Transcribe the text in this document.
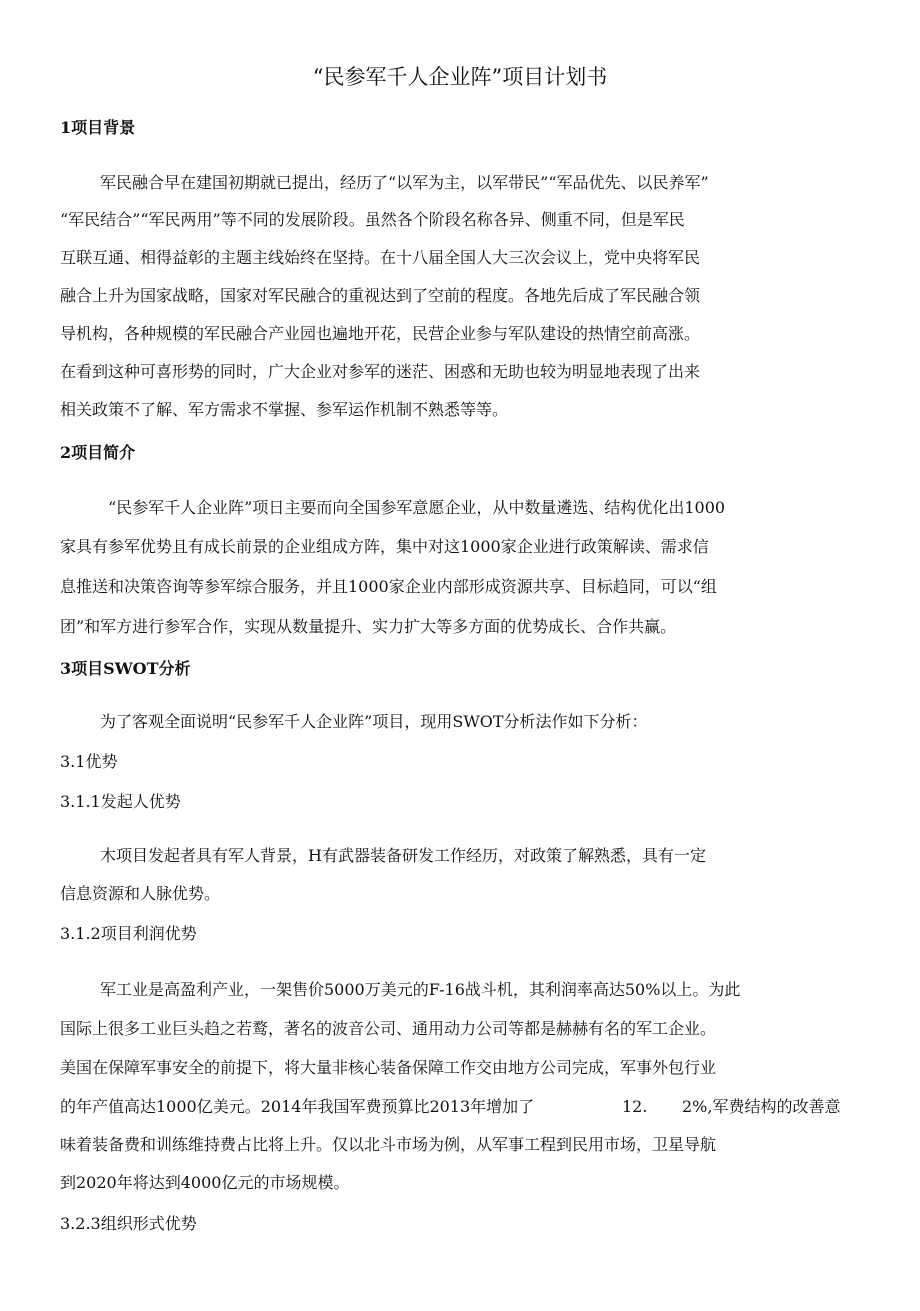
“民参军千人企业阵”项目计划书
1项目背景
军民融合早在建国初期就已提出，经历了“以军为主，以军带民”“军品优先、以民养军”
“军民结合”“军民两用”等不同的发展阶段。虽然各个阶段名称各异、侧重不同，但是军民
互联互通、相得益彰的主题主线始终在坚持。在十八届全国人大三次会议上，党中央将军民
融合上升为国家战略，国家对军民融合的重视达到了空前的程度。各地先后成了军民融合领
导机构，各种规模的军民融合产业园也遍地开花，民营企业参与军队建设的热情空前高涨。
在看到这种可喜形势的同时，广大企业对参军的迷茫、困惑和无助也较为明显地表现了出来
相关政策不了解、军方需求不掌握、参军运作机制不熟悉等等。
2项目简介
“民参军千人企业阵”项日主要而向全国参军意愿企业，从中数量遴选、结构优化出1000
家具有参军优势且有成长前景的企业组成方阵，集中对这1000家企业进行政策解读、需求信
息推送和决策咨询等参军综合服务，并且1000家企业内部形成资源共享、目标趋同，可以“组
团”和军方进行参军合作，实现从数量提升、实力扩大等多方面的优势成长、合作共赢。
3项目SWOT分析
为了客观全面说明“民参军千人企业阵”项目，现用SWOT分析法作如下分析：
3.1优势
3.1.1发起人优势
木项目发起者具有军人背景，H有武器装备研发工作经历，对政策了解熟悉，具有一定
信息资源和人脉优势。
3.1.2项目利润优势
军工业是高盈利产业，一架售价5000万美元的F-16战斗机，其利润率高达50%以上。为此
国际上很多工业巨头趋之若鹜，著名的波音公司、通用动力公司等都是赫赫有名的军工企业。
美国在保障军事安全的前提下，将大量非核心装备保障工作交由地方公司完成，军事外包行业
的年产值高达1000亿美元。2014年我国军费预算比2013年增加了	12. 2%,军费结构的改善意
味着装备费和训练维持费占比将上升。仅以北斗市场为例，从军事工程到民用市场，卫星导航
到2020年将达到4000亿元的市场规模。
3.2.3组织形式优势
